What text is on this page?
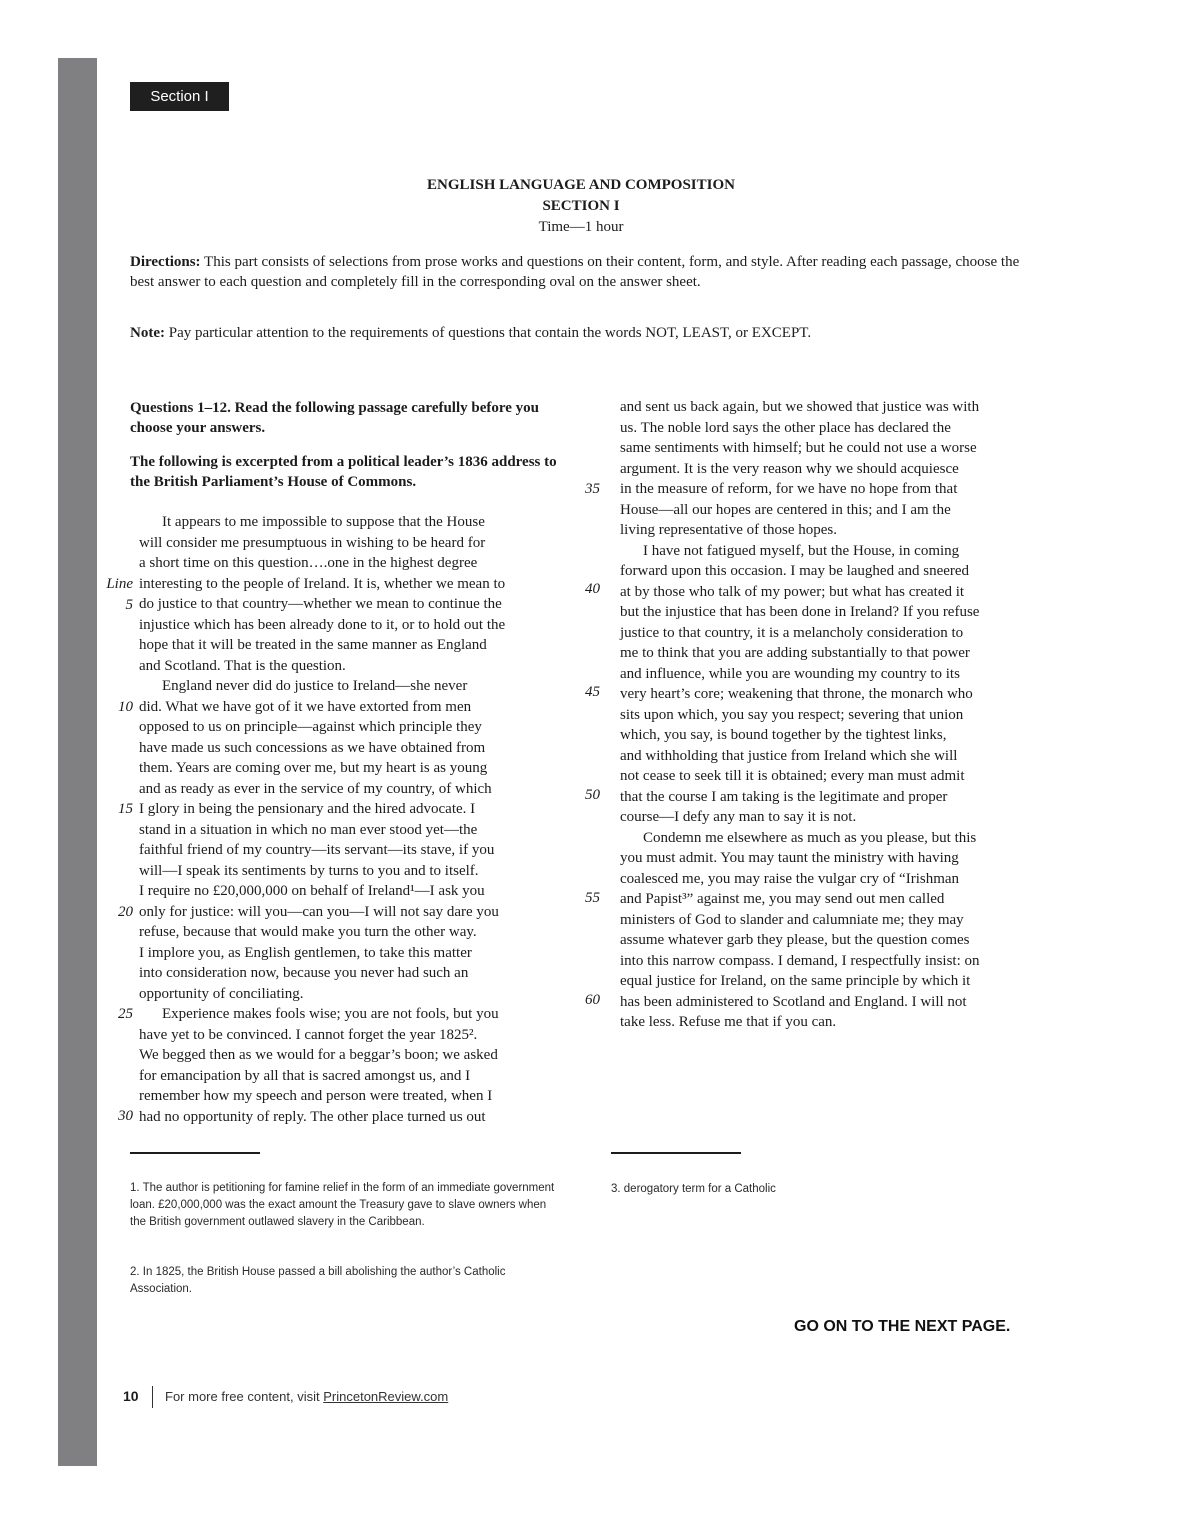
Section I
ENGLISH LANGUAGE AND COMPOSITION
SECTION I
Time—1 hour
Directions: This part consists of selections from prose works and questions on their content, form, and style. After reading each passage, choose the best answer to each question and completely fill in the corresponding oval on the answer sheet.
Note: Pay particular attention to the requirements of questions that contain the words NOT, LEAST, or EXCEPT.
Questions 1–12. Read the following passage carefully before you choose your answers.
The following is excerpted from a political leader’s 1836 address to the British Parliament’s House of Commons.
It appears to me impossible to suppose that the House
will consider me presumptuous in wishing to be heard for
a short time on this question….one in the highest degree
interesting to the people of Ireland. It is, whether we mean to
do justice to that country—whether we mean to continue the
injustice which has been already done to it, or to hold out the
hope that it will be treated in the same manner as England
and Scotland. That is the question.
England never did do justice to Ireland—she never
did. What we have got of it we have extorted from men
opposed to us on principle—against which principle they
have made us such concessions as we have obtained from
them. Years are coming over me, but my heart is as young
and as ready as ever in the service of my country, of which
I glory in being the pensionary and the hired advocate. I
stand in a situation in which no man ever stood yet—the
faithful friend of my country—its servant—its stave, if you
will—I speak its sentiments by turns to you and to itself.
I require no £20,000,000 on behalf of Ireland¹—I ask you
only for justice: will you—can you—I will not say dare you
refuse, because that would make you turn the other way.
I implore you, as English gentlemen, to take this matter
into consideration now, because you never had such an
opportunity of conciliating.
Experience makes fools wise; you are not fools, but you
have yet to be convinced. I cannot forget the year 1825².
We begged then as we would for a beggar’s boon; we asked
for emancipation by all that is sacred amongst us, and I
remember how my speech and person were treated, when I
had no opportunity of reply. The other place turned us out
and sent us back again, but we showed that justice was with
us. The noble lord says the other place has declared the
same sentiments with himself; but he could not use a worse
argument. It is the very reason why we should acquiesce
in the measure of reform, for we have no hope from that
House—all our hopes are centered in this; and I am the
living representative of those hopes.
I have not fatigued myself, but the House, in coming
forward upon this occasion. I may be laughed and sneered
at by those who talk of my power; but what has created it
but the injustice that has been done in Ireland? If you refuse
justice to that country, it is a melancholy consideration to
me to think that you are adding substantially to that power
and influence, while you are wounding my country to its
very heart’s core; weakening that throne, the monarch who
sits upon which, you say you respect; severing that union
which, you say, is bound together by the tightest links,
and withholding that justice from Ireland which she will
not cease to seek till it is obtained; every man must admit
that the course I am taking is the legitimate and proper
course—I defy any man to say it is not.
Condemn me elsewhere as much as you please, but this
you must admit. You may taunt the ministry with having
coalesced me, you may raise the vulgar cry of “Irishman
and Papist³” against me, you may send out men called
ministers of God to slander and calumniate me; they may
assume whatever garb they please, but the question comes
into this narrow compass. I demand, I respectfully insist: on
equal justice for Ireland, on the same principle by which it
has been administered to Scotland and England. I will not
take less. Refuse me that if you can.
Line
5
10
15
20
25
30
35
40
45
50
55
60
1. The author is petitioning for famine relief in the form of an immediate government loan. £20,000,000 was the exact amount the Treasury gave to slave owners when the British government outlawed slavery in the Caribbean.
2. In 1825, the British House passed a bill abolishing the author’s Catholic Association.
3. derogatory term for a Catholic
GO ON TO THE NEXT PAGE.
10 For more free content, visit PrincetonReview.com
